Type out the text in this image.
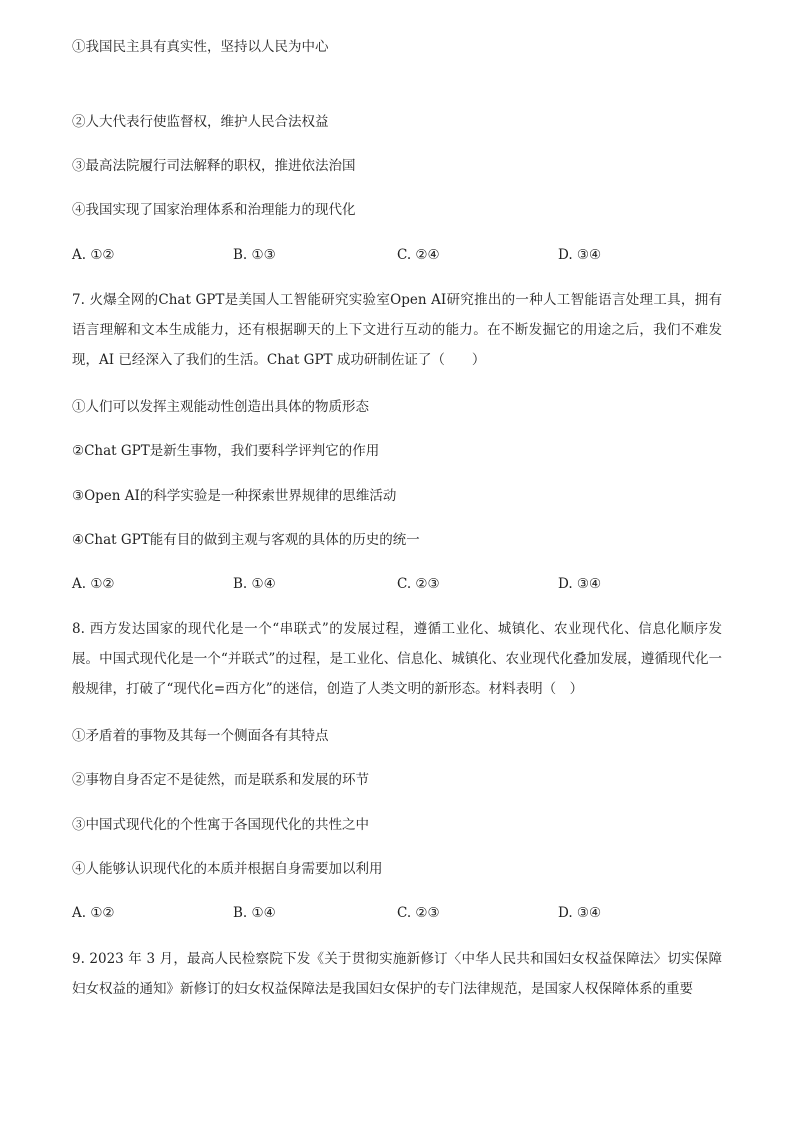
①我国民主具有真实性，坚持以人民为中心
②人大代表行使监督权，维护人民合法权益
③最高法院履行司法解释的职权，推进依法治国
④我国实现了国家治理体系和治理能力的现代化
A. ①②	B. ①③	C. ②④	D. ③④
7. 火爆全网的Chat GPT是美国人工智能研究实验室Open AI研究推出的一种人工智能语言处理工具，拥有语言理解和文本生成能力，还有根据聊天的上下文进行互动的能力。在不断发掘它的用途之后，我们不难发现，AI 已经深入了我们的生活。Chat GPT 成功研制佐证了（　　）
①人们可以发挥主观能动性创造出具体的物质形态
②Chat GPT是新生事物，我们要科学评判它的作用
③Open AI的科学实验是一种探索世界规律的思维活动
④Chat GPT能有目的做到主观与客观的具体的历史的统一
A. ①②	B. ①④	C. ②③	D. ③④
8. 西方发达国家的现代化是一个“串联式”的发展过程，遵循工业化、城镇化、农业现代化、信息化顺序发展。中国式现代化是一个“并联式”的过程，是工业化、信息化、城镇化、农业现代化叠加发展，遵循现代化一般规律，打破了“现代化=西方化”的迷信，创造了人类文明的新形态。材料表明（　）
①矛盾着的事物及其每一个侧面各有其特点
②事物自身否定不是徒然，而是联系和发展的环节
③中国式现代化的个性寓于各国现代化的共性之中
④人能够认识现代化的本质并根据自身需要加以利用
A. ①②	B. ①④	C. ②③	D. ③④
9. 2023 年 3 月，最高人民检察院下发《关于贯彻实施新修订〈中华人民共和国妇女权益保障法〉切实保障妇女权益的通知》新修订的妇女权益保障法是我国妇女保护的专门法律规范，是国家人权保障体系的重要
